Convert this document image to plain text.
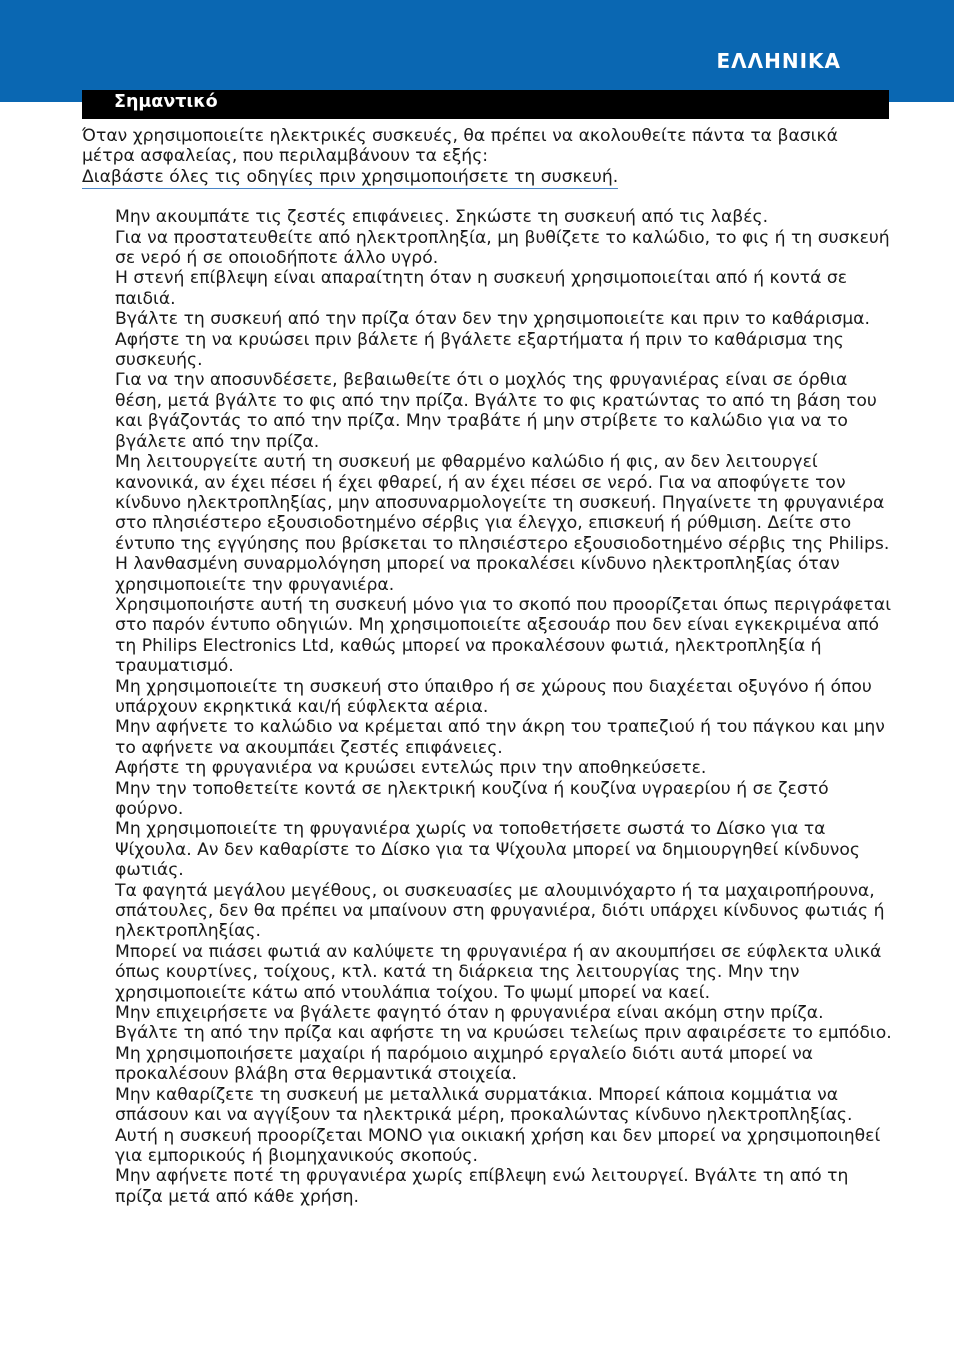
ΕΛΛΗΝΙΚΑ
Σημαντικό

Όταν χρησιμοποιείτε ηλεκτρικές συσκευές, θα πρέπει να ακολουθείτε πάντα τα βασικά μέτρα ασφαλείας, που περιλαμβάνουν τα εξής:

Διαβάστε όλες τις οδηγίες πριν χρησιμοποιήσετε τη συσκευή.

Μην ακουμπάτε τις ζεστές επιφάνειες. Σηκώστε τη συσκευή από τις λαβές.
Για να προστατευθείτε από ηλεκτροπληξία, μη βυθίζετε το καλώδιο, το φις ή τη συσκευή σε νερό ή σε οποιοδήποτε άλλο υγρό.
Η στενή επίβλεψη είναι απαραίτητη όταν η συσκευή χρησιμοποιείται από ή κοντά σε παιδιά.
Βγάλτε τη συσκευή από την πρίζα όταν δεν την χρησιμοποιείτε και πριν το καθάρισμα. Αφήστε τη να κρυώσει πριν βάλετε ή βγάλετε εξαρτήματα ή πριν το καθάρισμα της συσκευής.
Για να την αποσυνδέσετε, βεβαιωθείτε ότι ο μοχλός της φρυγανιέρας είναι σε όρθια θέση, μετά βγάλτε το φις από την πρίζα. Βγάλτε το φις κρατώντας το από τη βάση του και βγάζοντάς το από την πρίζα. Μην τραβάτε ή μην στρίβετε το καλώδιο για να το βγάλετε από την πρίζα.
Μη λειτουργείτε αυτή τη συσκευή με φθαρμένο καλώδιο ή φις, αν δεν λειτουργεί κανονικά, αν έχει πέσει ή έχει φθαρεί, ή αν έχει πέσει σε νερό. Για να αποφύγετε τον κίνδυνο ηλεκτροπληξίας, μην αποσυναρμολογείτε τη συσκευή. Πηγαίνετε τη φρυγανιέρα στο πλησιέστερο εξουσιοδοτημένο σέρβις για έλεγχο, επισκευή ή ρύθμιση. Δείτε στο έντυπο της εγγύησης που βρίσκεται το πλησιέστερο εξουσιοδοτημένο σέρβις της Philips. Η λανθασμένη συναρμολόγηση μπορεί να προκαλέσει κίνδυνο ηλεκτροπληξίας όταν χρησιμοποιείτε την φρυγανιέρα.
Χρησιμοποιήστε αυτή τη συσκευή μόνο για το σκοπό που προορίζεται όπως περιγράφεται στο παρόν έντυπο οδηγιών. Μη χρησιμοποιείτε αξεσουάρ που δεν είναι εγκεκριμένα από τη Philips Electronics Ltd, καθώς μπορεί να προκαλέσουν φωτιά, ηλεκτροπληξία ή τραυματισμό.
Μη χρησιμοποιείτε τη συσκευή στο ύπαιθρο ή σε χώρους που διαχέεται οξυγόνο ή όπου υπάρχουν εκρηκτικά και/ή εύφλεκτα αέρια.
Μην αφήνετε το καλώδιο να κρέμεται από την άκρη του τραπεζιού ή του πάγκου και μην το αφήνετε να ακουμπάει ζεστές επιφάνειες.
Αφήστε τη φρυγανιέρα να κρυώσει εντελώς πριν την αποθηκεύσετε.
Μην την τοποθετείτε κοντά σε ηλεκτρική κουζίνα ή κουζίνα υγραερίου ή σε ζεστό φούρνο.
Μη χρησιμοποιείτε τη φρυγανιέρα χωρίς να τοποθετήσετε σωστά το Δίσκο για τα Ψίχουλα. Αν δεν καθαρίστε το Δίσκο για τα Ψίχουλα μπορεί να δημιουργηθεί κίνδυνος φωτιάς.
Τα φαγητά μεγάλου μεγέθους, οι συσκευασίες με αλουμινόχαρτο ή τα μαχαιροπήρουνα, σπάτουλες, δεν θα πρέπει να μπαίνουν στη φρυγανιέρα, διότι υπάρχει κίνδυνος φωτιάς ή ηλεκτροπληξίας.
Μπορεί να πιάσει φωτιά αν καλύψετε τη φρυγανιέρα ή αν ακουμπήσει σε εύφλεκτα υλικά όπως κουρτίνες, τοίχους, κτλ. κατά τη διάρκεια της λειτουργίας της. Μην την χρησιμοποιείτε κάτω από ντουλάπια τοίχου. Το ψωμί μπορεί να καεί.
Μην επιχειρήσετε να βγάλετε φαγητό όταν η φρυγανιέρα είναι ακόμη στην πρίζα. Βγάλτε τη από την πρίζα και αφήστε τη να κρυώσει τελείως πριν αφαιρέσετε το εμπόδιο. Μη χρησιμοποιήσετε μαχαίρι ή παρόμοιο αιχμηρό εργαλείο διότι αυτά μπορεί να προκαλέσουν βλάβη στα θερμαντικά στοιχεία.
Μην καθαρίζετε τη συσκευή με μεταλλικά συρματάκια. Μπορεί κάποια κομμάτια να σπάσουν και να αγγίξουν τα ηλεκτρικά μέρη, προκαλώντας κίνδυνο ηλεκτροπληξίας.
Αυτή η συσκευή προορίζεται ΜΟΝΟ για οικιακή χρήση και δεν μπορεί να χρησιμοποιηθεί για εμπορικούς ή βιομηχανικούς σκοπούς.
Μην αφήνετε ποτέ τη φρυγανιέρα χωρίς επίβλεψη ενώ λειτουργεί. Βγάλτε τη από τη πρίζα μετά από κάθε χρήση.
